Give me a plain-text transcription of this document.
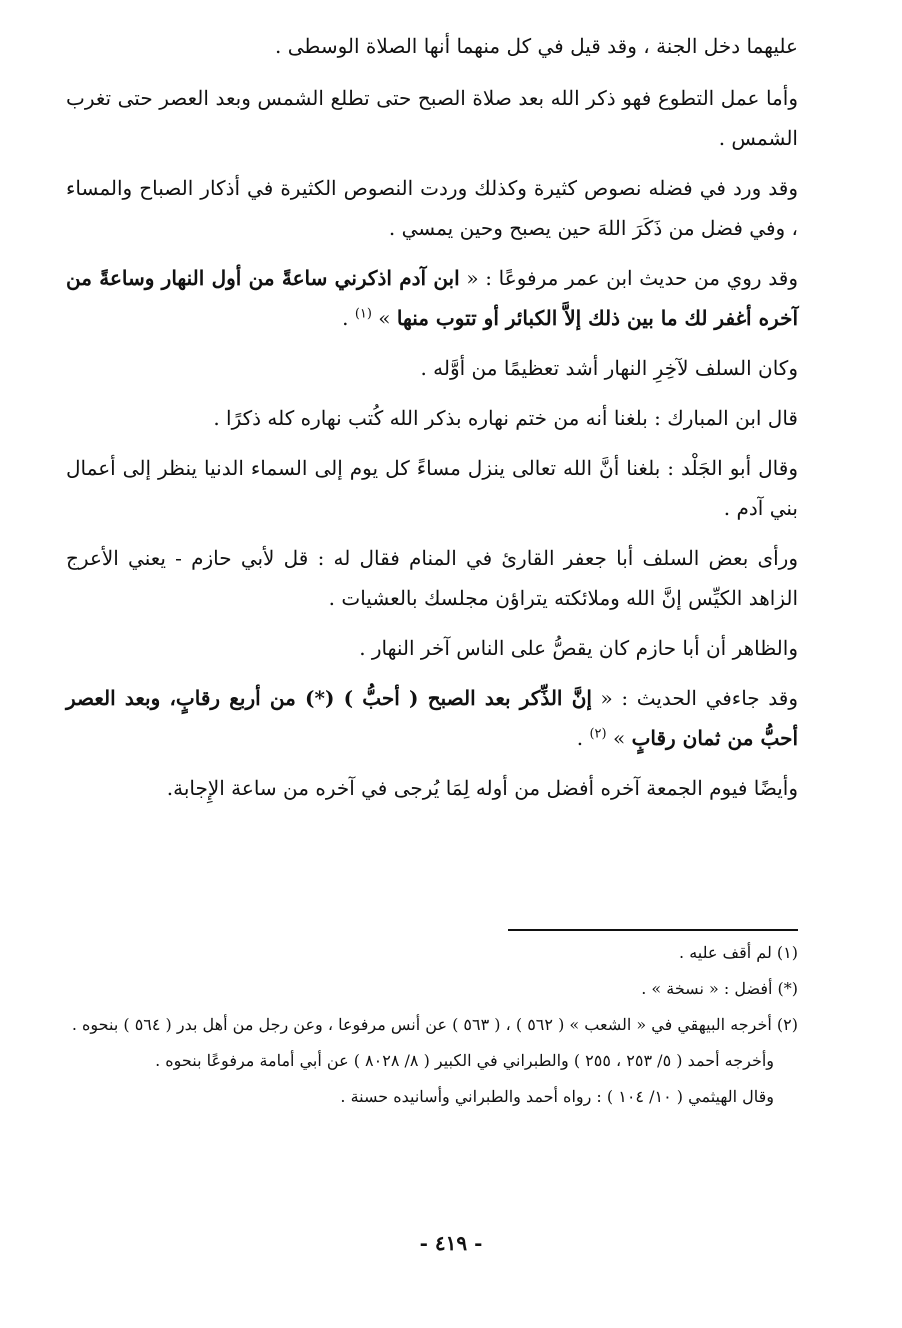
عليهما دخل الجنة ، وقد قيل في كل منهما أنها الصلاة الوسطى .

وأما عمل التطوع فهو ذكر الله بعد صلاة الصبح حتى تطلع الشمس وبعد العصر حتى تغرب الشمس .

وقد ورد في فضله نصوص كثيرة وكذلك وردت النصوص الكثيرة في أذكار الصباح والمساء ، وفي فضل من ذَكَرَ اللهَ حين يصبح وحين يمسي .

وقد روي من حديث ابن عمر مرفوعًا : « ابن آدم اذكرني ساعةً من أول النهار وساعةً من آخره أغفر لك ما بين ذلك إلاَّ الكبائر أو تتوب منها » $^{(١)}$ .

وكان السلف لآخِرِ النهار أشد تعظيمًا من أوَّله .

قال ابن المبارك : بلغنا أنه من ختم نهاره بذكر الله كُتب نهاره كله ذكرًا .

وقال أبو الجَلْد : بلغنا أنَّ الله تعالى ينزل مساءً كل يوم إلى السماء الدنيا ينظر إلى أعمال بني آدم .

ورأى بعض السلف أبا جعفر القارئ في المنام فقال له : قل لأبي حازم - يعني الأعرج الزاهد الكيِّس إنَّ الله وملائكته يتراؤن مجلسك بالعشيات .

والظاهر أن أبا حازم كان يقصُّ على الناس آخر النهار .

وقد جاءفي الحديث : « إنَّ الذِّكر بعد الصبح ( أحبُّ ) (*) من أربع رقابٍ، وبعد العصر أحبُّ من ثمان رقابٍ » $^{(٢)}$ .

وأيضًا فيوم الجمعة آخره أفضل من أوله لِمَا يُرجى في آخره من ساعة الإِجابة.

(١) لم أقف عليه .

(*) أفضل : « نسخة » .

(٢) أخرجه البيهقي في « الشعب » ( ٥٦٢ ) ، ( ٥٦٣ ) عن أنس مرفوعا ، وعن رجل من أهل بدر ( ٥٦٤ ) بنحوه .

وأخرجه أحمد ( ٥/ ٢٥٣ ، ٢٥٥ ) والطبراني في الكبير ( ٨/ ٨٠٢٨ ) عن أبي أمامة مرفوعًا بنحوه .

وقال الهيثمي ( ١٠/ ١٠٤ ) : رواه أحمد والطبراني وأسانيده حسنة .

- ٤١٩ -
